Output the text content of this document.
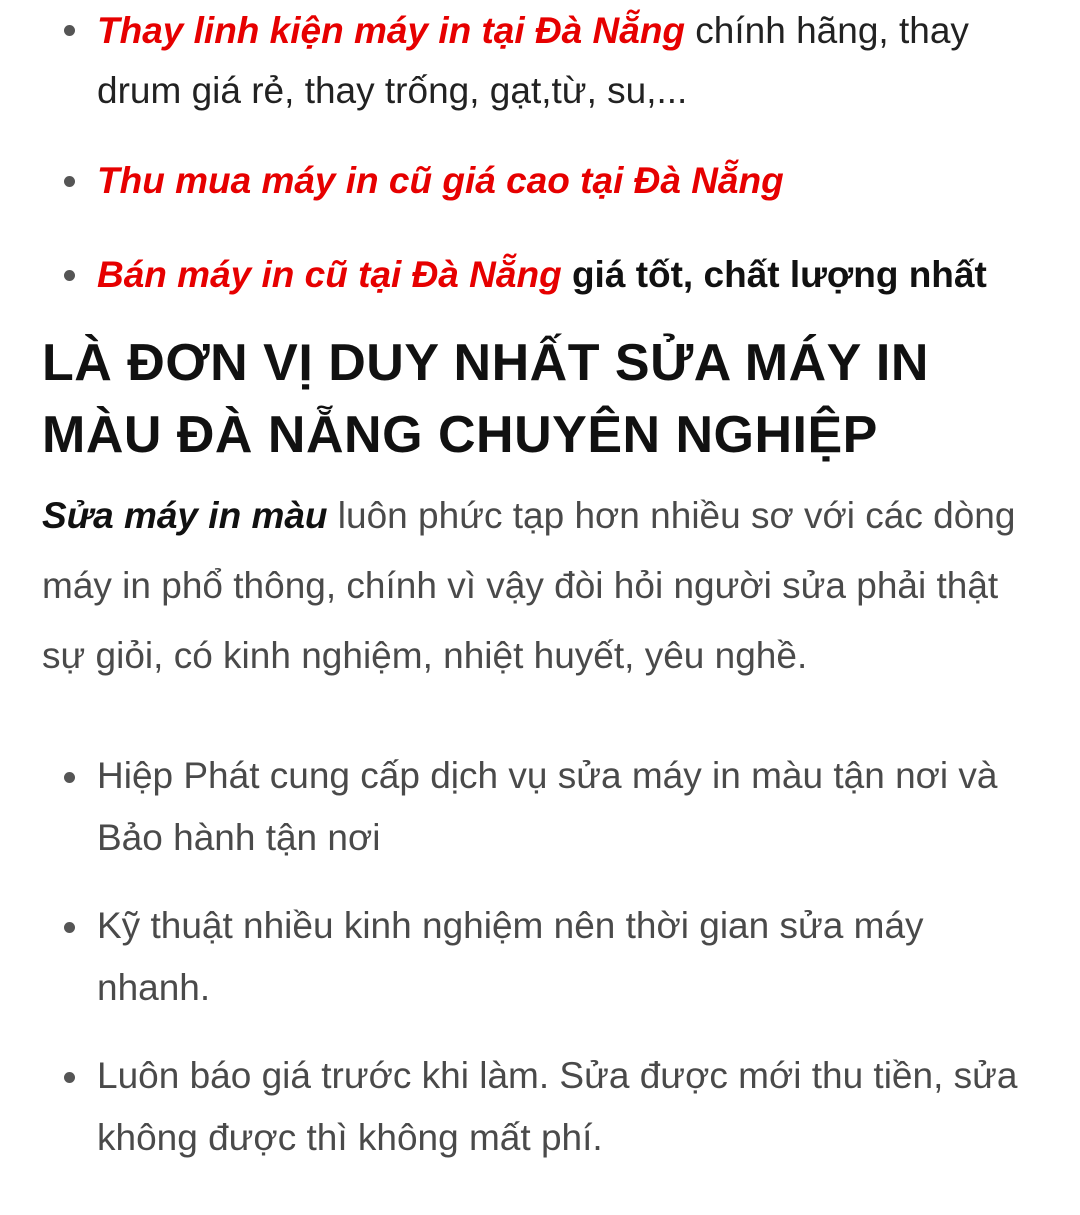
Thay linh kiện máy in tại Đà Nẵng chính hãng, thay drum giá rẻ, thay trống, gạt,từ, su,...
Thu mua máy in cũ giá cao tại Đà Nẵng
Bán máy in cũ tại Đà Nẵng giá tốt, chất lượng nhất
LÀ ĐƠN VỊ DUY NHẤT SỬA MÁY IN MÀU ĐÀ NẴNG CHUYÊN NGHIỆP

Sửa máy in màu luôn phức tạp hơn nhiều sơ với các dòng máy in phổ thông, chính vì vậy đòi hỏi người sửa phải thật sự giỏi, có kinh nghiệm, nhiệt huyết, yêu nghề.

Hiệp Phát cung cấp dịch vụ sửa máy in màu tận nơi và Bảo hành tận nơi
Kỹ thuật nhiều kinh nghiệm nên thời gian sửa máy nhanh.
Luôn báo giá trước khi làm. Sửa được mới thu tiền, sửa không được thì không mất phí.
